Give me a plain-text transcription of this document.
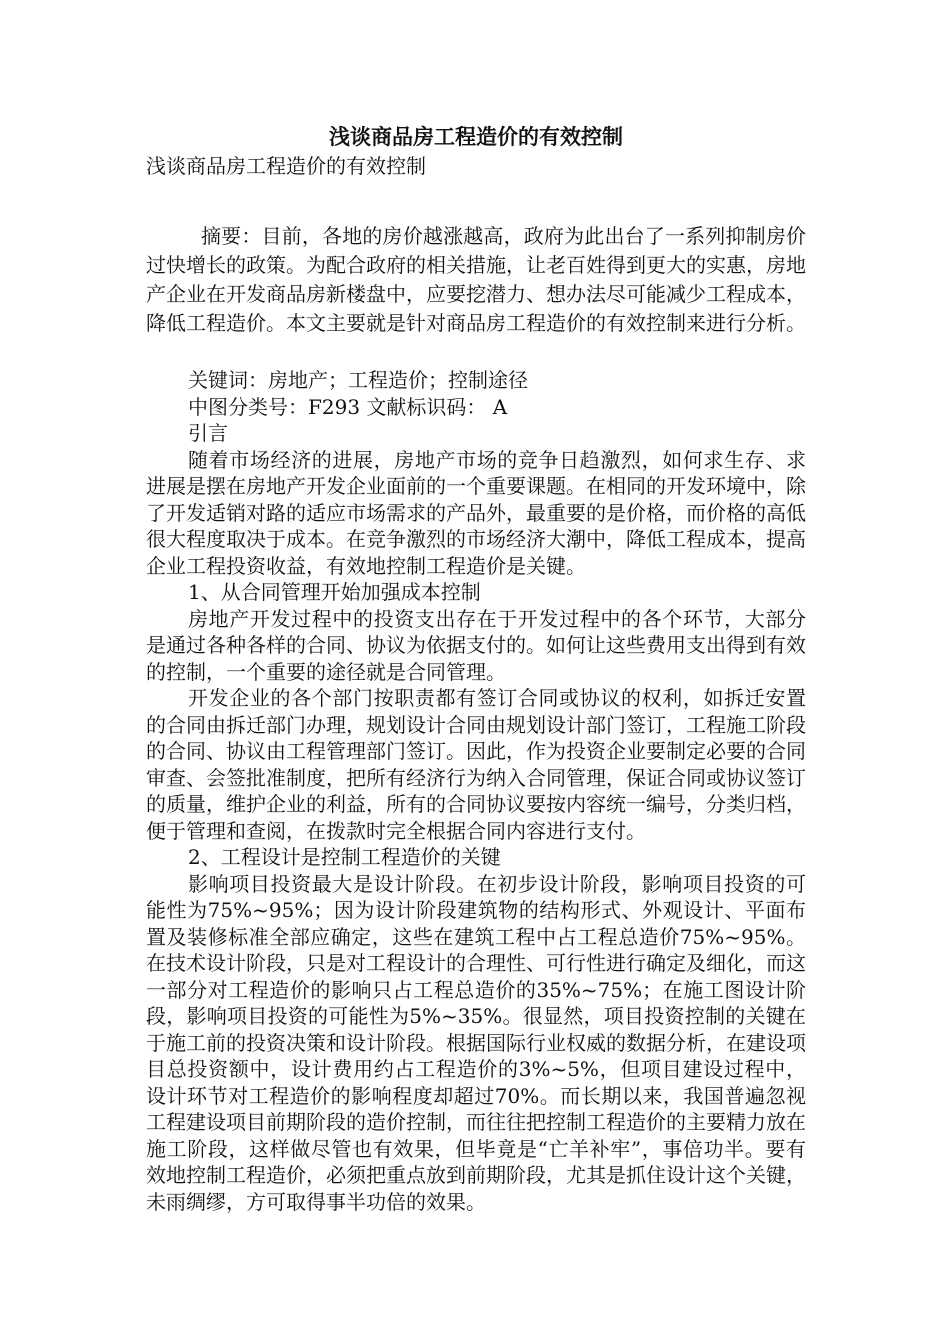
浅谈商品房工程造价的有效控制

浅谈商品房工程造价的有效控制

摘要：目前，各地的房价越涨越高，政府为此出台了一系列抑制房价过快增长的政策。为配合政府的相关措施，让老百姓得到更大的实惠，房地产企业在开发商品房新楼盘中，应要挖潜力、想办法尽可能减少工程成本，降低工程造价。本文主要就是针对商品房工程造价的有效控制来进行分析。

关键词：房地产；工程造价；控制途径

中图分类号：F293 文献标识码： A

引言

随着市场经济的进展，房地产市场的竞争日趋激烈，如何求生存、求进展是摆在房地产开发企业面前的一个重要课题。在相同的开发环境中，除了开发适销对路的适应市场需求的产品外，最重要的是价格，而价格的高低很大程度取决于成本。在竞争激烈的市场经济大潮中，降低工程成本，提高企业工程投资收益，有效地控制工程造价是关键。

1、从合同管理开始加强成本控制

房地产开发过程中的投资支出存在于开发过程中的各个环节，大部分是通过各种各样的合同、协议为依据支付的。如何让这些费用支出得到有效的控制，一个重要的途径就是合同管理。

开发企业的各个部门按职责都有签订合同或协议的权利，如拆迁安置的合同由拆迁部门办理，规划设计合同由规划设计部门签订，工程施工阶段的合同、协议由工程管理部门签订。因此，作为投资企业要制定必要的合同审查、会签批准制度，把所有经济行为纳入合同管理，保证合同或协议签订的质量，维护企业的利益，所有的合同协议要按内容统一编号，分类归档，便于管理和查阅，在拨款时完全根据合同内容进行支付。

2、工程设计是控制工程造价的关键

影响项目投资最大是设计阶段。在初步设计阶段，影响项目投资的可能性为75%~95%；因为设计阶段建筑物的结构形式、外观设计、平面布置及装修标准全部应确定，这些在建筑工程中占工程总造价75%~95%。在技术设计阶段，只是对工程设计的合理性、可行性进行确定及细化，而这一部分对工程造价的影响只占工程总造价的35%~75%；在施工图设计阶段，影响项目投资的可能性为5%~35%。很显然，项目投资控制的关键在于施工前的投资决策和设计阶段。根据国际行业权威的数据分析，在建设项目总投资额中，设计费用约占工程造价的3%~5%，但项目建设过程中，设计环节对工程造价的影响程度却超过70%。而长期以来，我国普遍忽视工程建设项目前期阶段的造价控制，而往往把控制工程造价的主要精力放在施工阶段，这样做尽管也有效果，但毕竟是“亡羊补牢”，事倍功半。要有效地控制工程造价，必须把重点放到前期阶段，尤其是抓住设计这个关键，未雨绸缪，方可取得事半功倍的效果。
